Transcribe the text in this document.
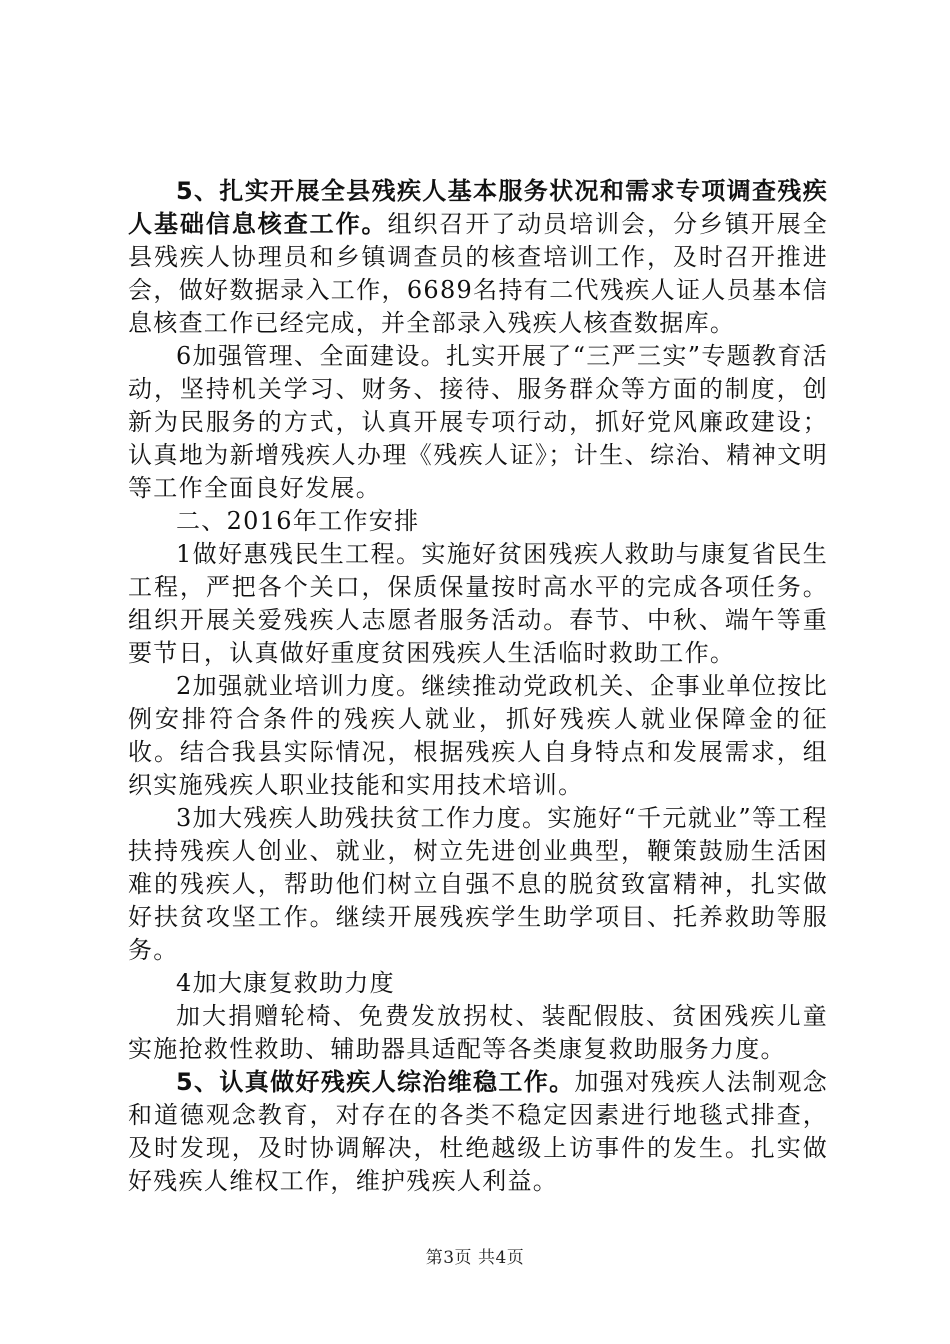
5、扎实开展全县残疾人基本服务状况和需求专项调查残疾人基础信息核查工作。组织召开了动员培训会，分乡镇开展全县残疾人协理员和乡镇调查员的核查培训工作，及时召开推进会，做好数据录入工作，6689名持有二代残疾人证人员基本信息核查工作已经完成，并全部录入残疾人核查数据库。

6加强管理、全面建设。扎实开展了“三严三实”专题教育活动，坚持机关学习、财务、接待、服务群众等方面的制度，创新为民服务的方式，认真开展专项行动，抓好党风廉政建设；认真地为新增残疾人办理《残疾人证》；计生、综治、精神文明等工作全面良好发展。

二、2016年工作安排

1做好惠残民生工程。实施好贫困残疾人救助与康复省民生工程，严把各个关口，保质保量按时高水平的完成各项任务。组织开展关爱残疾人志愿者服务活动。春节、中秋、端午等重要节日，认真做好重度贫困残疾人生活临时救助工作。

2加强就业培训力度。继续推动党政机关、企事业单位按比例安排符合条件的残疾人就业，抓好残疾人就业保障金的征收。结合我县实际情况，根据残疾人自身特点和发展需求，组织实施残疾人职业技能和实用技术培训。

3加大残疾人助残扶贫工作力度。实施好“千元就业”等工程扶持残疾人创业、就业，树立先进创业典型，鞭策鼓励生活困难的残疾人，帮助他们树立自强不息的脱贫致富精神，扎实做好扶贫攻坚工作。继续开展残疾学生助学项目、托养救助等服务。

4加大康复救助力度

加大捐赠轮椅、免费发放拐杖、装配假肢、贫困残疾儿童实施抢救性救助、辅助器具适配等各类康复救助服务力度。

5、认真做好残疾人综治维稳工作。加强对残疾人法制观念和道德观念教育，对存在的各类不稳定因素进行地毯式排查，及时发现，及时协调解决，杜绝越级上访事件的发生。扎实做好残疾人维权工作，维护残疾人利益。

第3页 共4页
